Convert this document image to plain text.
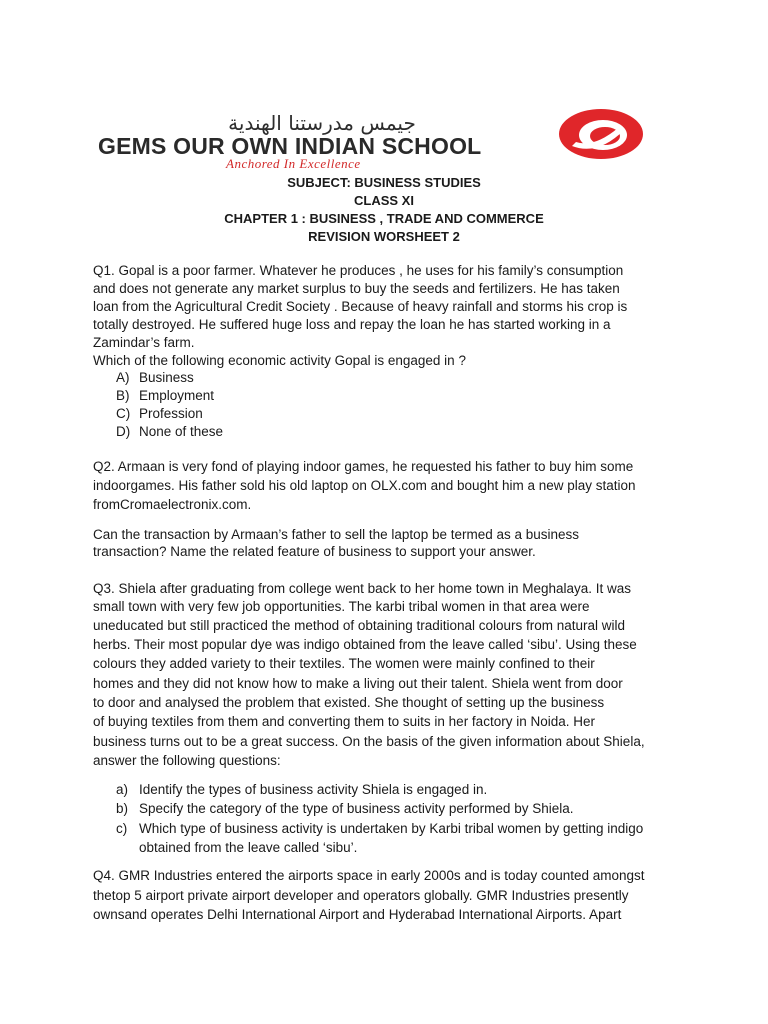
جيمس مدرستنا الهندية
GEMS OUR OWN INDIAN SCHOOL
Anchored In Excellence
SUBJECT: BUSINESS STUDIES
CLASS XI
CHAPTER 1 : BUSINESS , TRADE AND COMMERCE
REVISION WORSHEET 2
Q1. Gopal is a poor farmer. Whatever he produces , he uses for his family’s consumption
and does not generate any market surplus to buy the seeds and fertilizers. He has taken
loan from the Agricultural Credit Society . Because of heavy rainfall and storms his crop is
totally destroyed. He suffered huge loss and repay the loan he has started working in a
Zamindar’s farm.
Which of the following economic activity Gopal is engaged in ?
A) Business
B) Employment
C) Profession
D) None of these
Q2. Armaan is very fond of playing indoor games, he requested his father to buy him some
indoorgames. His father sold his old laptop on OLX.com and bought him a new play station
fromCromaelectronix.com.
Can the transaction by Armaan’s father to sell the laptop be termed as a business
transaction? Name the related feature of business to support your answer.
Q3. Shiela after graduating from college went back to her home town in Meghalaya. It was
small town with very few job opportunities. The karbi tribal women in that area were
uneducated but still practiced the method of obtaining traditional colours from natural wild
herbs. Their most popular dye was indigo obtained from the leave called ‘sibu’. Using these
colours they added variety to their textiles. The women were mainly confined to their
homes and they did not know how to make a living out their talent. Shiela went from door
to door and analysed the problem that existed. She thought of setting up the business
of buying textiles from them and converting them to suits in her factory in Noida. Her
business turns out to be a great success. On the basis of the given information about Shiela,
answer the following questions:
a) Identify the types of business activity Shiela is engaged in.
b) Specify the category of the type of business activity performed by Shiela.
c) Which type of business activity is undertaken by Karbi tribal women by getting indigo
obtained from the leave called ‘sibu’.
Q4. GMR Industries entered the airports space in early 2000s and is today counted amongst
thetop 5 airport private airport developer and operators globally. GMR Industries presently
ownsand operates Delhi International Airport and Hyderabad International Airports. Apart
